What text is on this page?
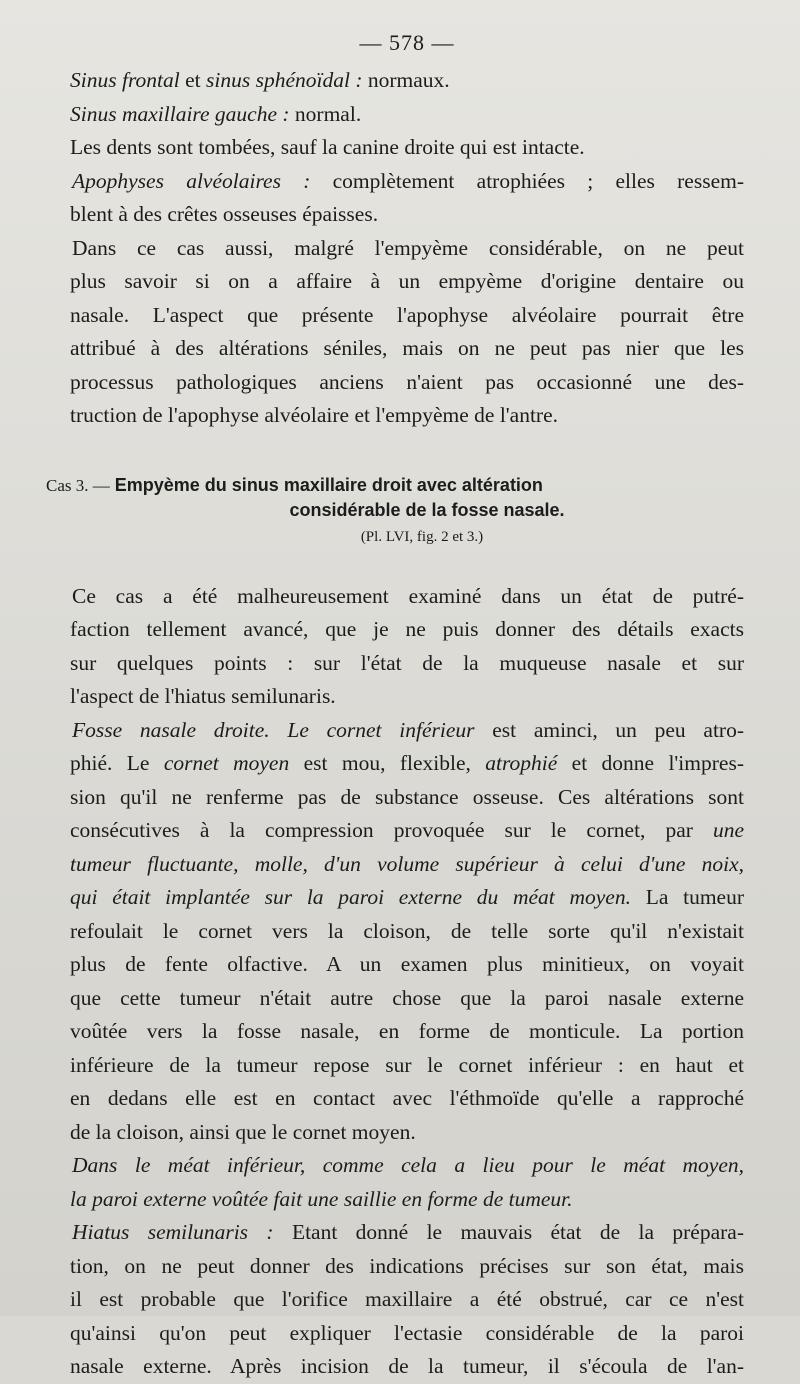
— 578 —
Sinus frontal et sinus sphénoïdal : normaux.
Sinus maxillaire gauche : normal.
Les dents sont tombées, sauf la canine droite qui est intacte.
Apophyses alvéolaires : complètement atrophiées ; elles ressem-
blent à des crêtes osseuses épaisses.
Dans ce cas aussi, malgré l'empyème considérable, on ne peut
plus savoir si on a affaire à un empyème d'origine dentaire ou
nasale. L'aspect que présente l'apophyse alvéolaire pourrait être
attribué à des altérations séniles, mais on ne peut pas nier que les
processus pathologiques anciens n'aient pas occasionné une des-
truction de l'apophyse alvéolaire et l'empyème de l'antre.
Cas 3. — Empyème du sinus maxillaire droit avec altération
considérable de la fosse nasale.
(Pl. LVI, fig. 2 et 3.)
Ce cas a été malheureusement examiné dans un état de putré-
faction tellement avancé, que je ne puis donner des détails exacts
sur quelques points : sur l'état de la muqueuse nasale et sur
l'aspect de l'hiatus semilunaris.
Fosse nasale droite. Le cornet inférieur est aminci, un peu atro-
phié. Le cornet moyen est mou, flexible, atrophié et donne l'impres-
sion qu'il ne renferme pas de substance osseuse. Ces altérations sont
consécutives à la compression provoquée sur le cornet, par une
tumeur fluctuante, molle, d'un volume supérieur à celui d'une noix,
qui était implantée sur la paroi externe du méat moyen. La tumeur
refoulait le cornet vers la cloison, de telle sorte qu'il n'existait
plus de fente olfactive. A un examen plus minitieux, on voyait
que cette tumeur n'était autre chose que la paroi nasale externe
voûtée vers la fosse nasale, en forme de monticule. La portion
inférieure de la tumeur repose sur le cornet inférieur : en haut et
en dedans elle est en contact avec l'éthmoïde qu'elle a rapproché
de la cloison, ainsi que le cornet moyen.
Dans le méat inférieur, comme cela a lieu pour le méat moyen,
la paroi externe voûtée fait une saillie en forme de tumeur.
Hiatus semilunaris : Etant donné le mauvais état de la prépara-
tion, on ne peut donner des indications précises sur son état, mais
il est probable que l'orifice maxillaire a été obstrué, car ce n'est
qu'ainsi qu'on peut expliquer l'ectasie considérable de la paroi
nasale externe. Après incision de la tumeur, il s'écoula de l'an-
